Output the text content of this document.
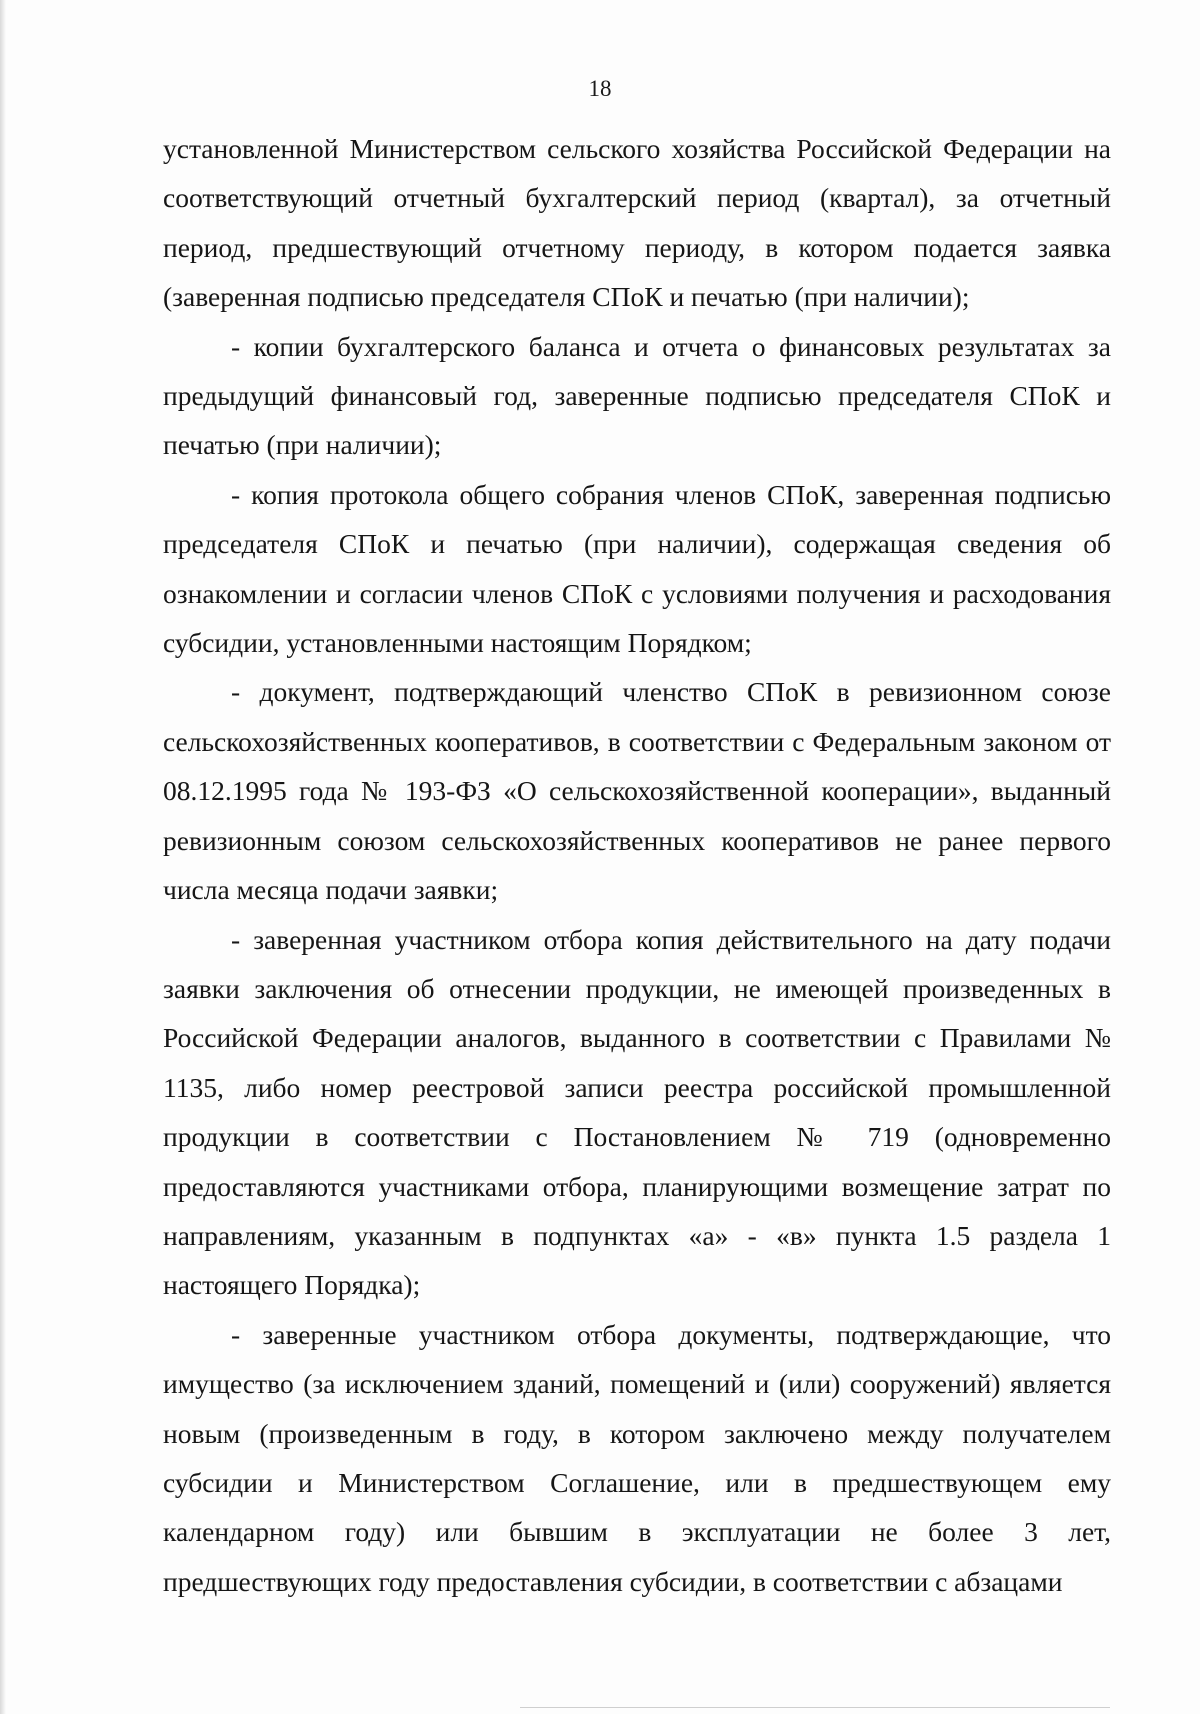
18

установленной Министерством сельского хозяйства Российской Федерации на соответствующий отчетный бухгалтерский период (квартал), за отчетный период, предшествующий отчетному периоду, в котором подается заявка (заверенная подписью председателя СПоК и печатью (при наличии);

- копии бухгалтерского баланса и отчета о финансовых результатах за предыдущий финансовый год, заверенные подписью председателя СПоК и печатью (при наличии);

- копия протокола общего собрания членов СПоК, заверенная подписью председателя СПоК и печатью (при наличии), содержащая сведения об ознакомлении и согласии членов СПоК с условиями получения и расходования субсидии, установленными настоящим Порядком;

- документ, подтверждающий членство СПоК в ревизионном союзе сельскохозяйственных кооперативов, в соответствии с Федеральным законом от 08.12.1995 года № 193-ФЗ «О сельскохозяйственной кооперации», выданный ревизионным союзом сельскохозяйственных кооперативов не ранее первого числа месяца подачи заявки;

- заверенная участником отбора копия действительного на дату подачи заявки заключения об отнесении продукции, не имеющей произведенных в Российской Федерации аналогов, выданного в соответствии с Правилами № 1135, либо номер реестровой записи реестра российской промышленной продукции в соответствии с Постановлением № 719 (одновременно предоставляются участниками отбора, планирующими возмещение затрат по направлениям, указанным в подпунктах «а» - «в» пункта 1.5 раздела 1 настоящего Порядка);

- заверенные участником отбора документы, подтверждающие, что имущество (за исключением зданий, помещений и (или) сооружений) является новым (произведенным в году, в котором заключено между получателем субсидии и Министерством Соглашение, или в предшествующем ему календарном году) или бывшим в эксплуатации не более 3 лет, предшествующих году предоставления субсидии, в соответствии с абзацами
